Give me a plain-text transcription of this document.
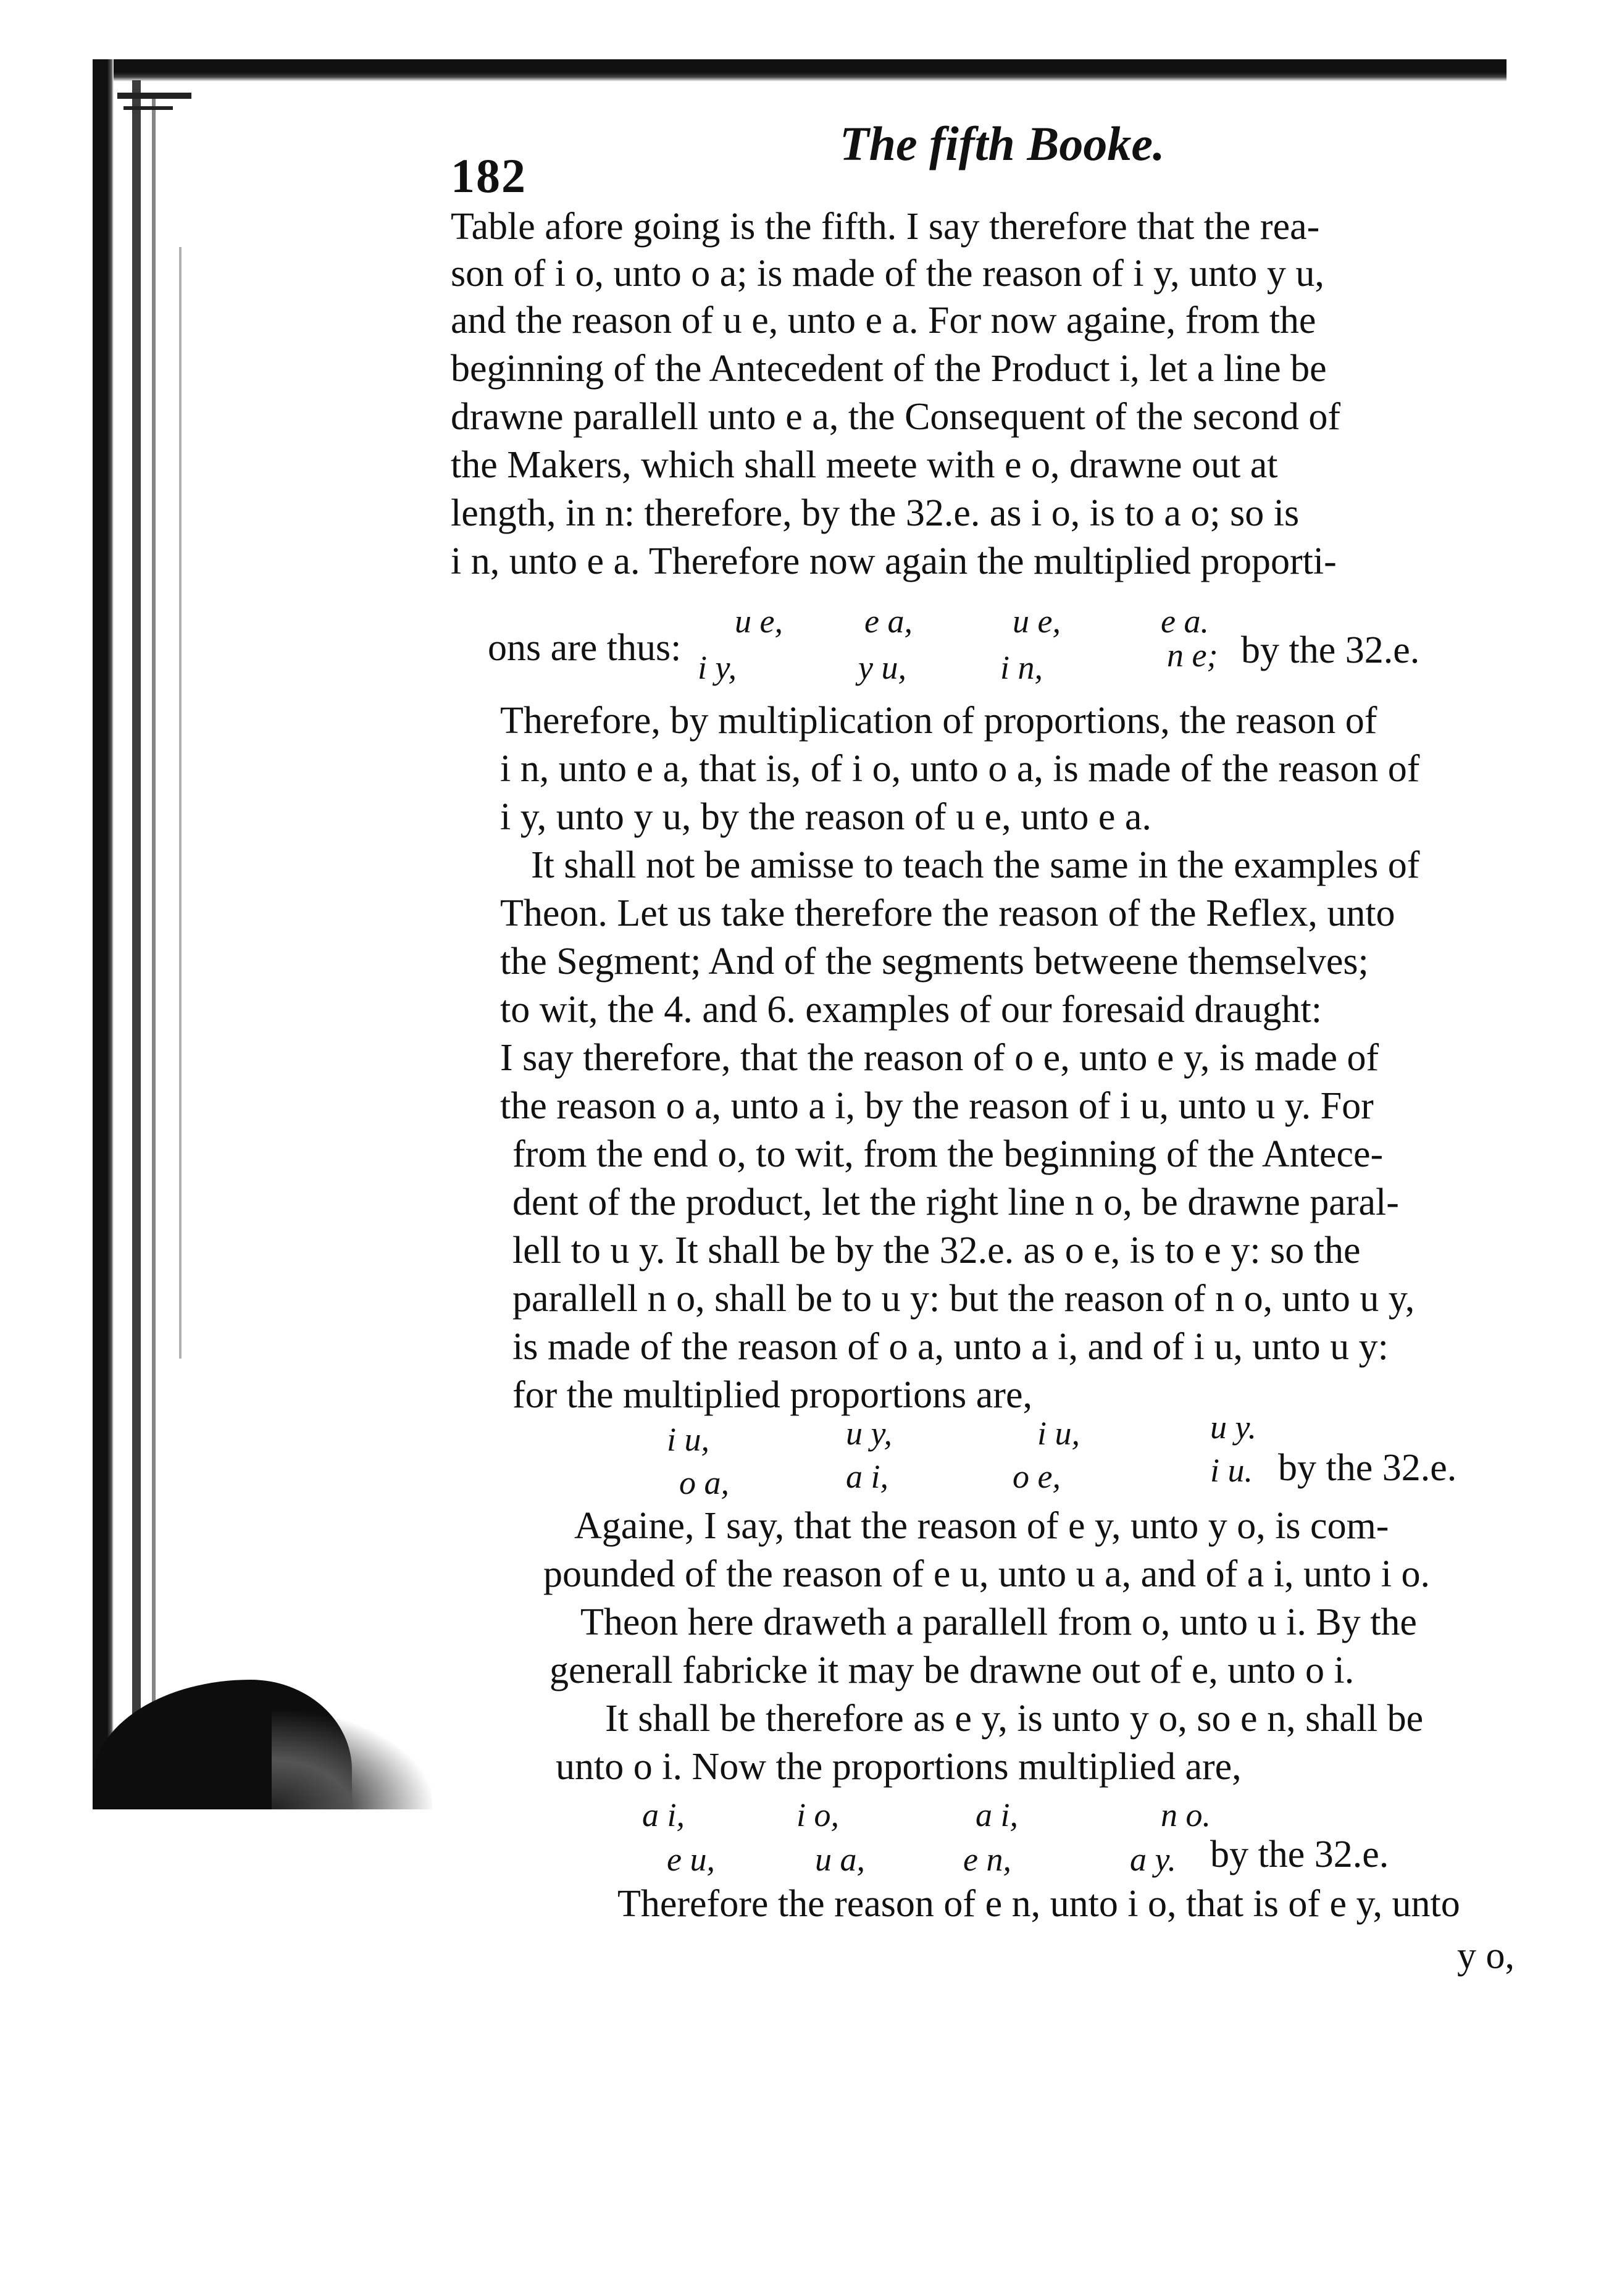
182
The fifth Booke.
Table afore going is the fifth. I say therefore that the rea-
son of i o, unto o a; is made of the reason of i y, unto y u,
and the reason of u e, unto e a. For now againe, from the
beginning of the Antecedent of the Product i, let a line be
drawne parallell unto e a, the Consequent of the second of
the Makers, which shall meete with e o, drawne out at
length, in n: therefore, by the 32.e. as i o, is to a o; so is
i n, unto e a. Therefore now again the multiplied proporti-
ons are thus:
u e, e a,	u e,	e a.
i y,	y u,	i n,	n e; by the 32.e.
Therefore, by multiplication of proportions, the reason of
i n, unto e a, that is, of i o, unto o a, is made of the reason of
i y, unto y u, by the reason of u e, unto e a.
It shall not be amisse to teach the same in the examples of
Theon. Let us take therefore the reason of the Reflex, unto
the Segment; And of the segments betweene themselves;
to wit, the 4. and 6. examples of our foresaid draught:
I say therefore, that the reason of o e, unto e y, is made of
the reason o a, unto a i, by the reason of i u, unto u y. For
from the end o, to wit, from the beginning of the Antece-
dent of the product, let the right line n o, be drawne paral-
lell to u y. It shall be by the 32.e. as o e, is to e y: so the
parallell n o, shall be to u y: but the reason of n o, unto u y,
is made of the reason of o a, unto a i, and of i u, unto u y:
for the multiplied proportions are,
i u,	u y,	i u,	u y.
o a,	a i,	o e,	i u. by the 32.e.
Againe, I say, that the reason of e y, unto y o, is com-
pounded of the reason of e u, unto u a, and of a i, unto i o.
Theon here draweth a parallell from o, unto u i. By the
generall fabricke it may be drawne out of e, unto o i.
It shall be therefore as e y, is unto y o, so e n, shall be
unto o i. Now the proportions multiplied are,
a i,	i o,	a i,	n o.
e u,	u a,	e n,	a y. by the 32.e.
Therefore the reason of e n, unto i o, that is of e y, unto
y o,
